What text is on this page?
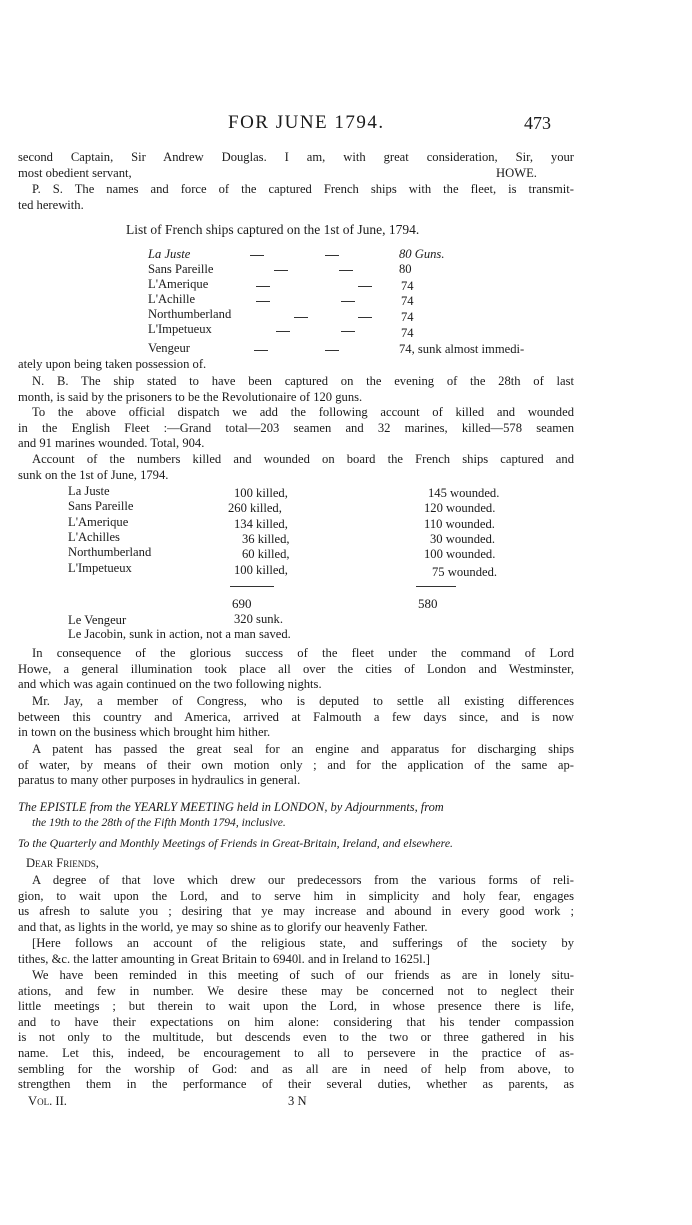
FOR JUNE 1794.	473
second Captain, Sir Andrew Douglas. I am, with great consideration, Sir, your
most obedient servant,	HOWE.
P. S. The names and force of the captured French ships with the fleet, is transmit-
ted herewith.
List of French ships captured on the 1st of June, 1794.
La Juste	80 Guns.
Sans Pareille	80
L'Amerique	74
L'Achille	74
Northumberland	74
L'Impetueux	74
Vengeur	74, sunk almost immedi-
ately upon being taken possession of.
N. B. The ship stated to have been captured on the evening of the 28th of last
month, is said by the prisoners to be the Revolutionaire of 120 guns.
To the above official dispatch we add the following account of killed and wounded
in the English Fleet :—Grand total—203 seamen and 32 marines, killed—578 seamen
and 91 marines wounded. Total, 904.
Account of the numbers killed and wounded on board the French ships captured and
sunk on the 1st of June, 1794.
La Juste	100 killed,	145 wounded.
Sans Pareille	260 killed,	120 wounded.
L'Amerique	134 killed,	110 wounded.
L'Achilles	36 killed,	30 wounded.
Northumberland	60 killed,	100 wounded.
L'Impetueux	100 killed,	75 wounded.
690	580
Le Vengeur	320 sunk.
Le Jacobin, sunk in action, not a man saved.
In consequence of the glorious success of the fleet under the command of Lord
Howe, a general illumination took place all over the cities of London and Westminster,
and which was again continued on the two following nights.
Mr. Jay, a member of Congress, who is deputed to settle all existing differences
between this country and America, arrived at Falmouth a few days since, and is now
in town on the business which brought him hither.
A patent has passed the great seal for an engine and apparatus for discharging ships
of water, by means of their own motion only ; and for the application of the same ap-
paratus to many other purposes in hydraulics in general.
The EPISTLE from the YEARLY MEETING held in LONDON, by Adjournments, from
the 19th to the 28th of the Fifth Month 1794, inclusive.
To the Quarterly and Monthly Meetings of Friends in Great-Britain, Ireland, and elsewhere.
Dear Friends,
A degree of that love which drew our predecessors from the various forms of reli-
gion, to wait upon the Lord, and to serve him in simplicity and holy fear, engages
us afresh to salute you ; desiring that ye may increase and abound in every good work ;
and that, as lights in the world, ye may so shine as to glorify our heavenly Father.
[Here follows an account of the religious state, and sufferings of the society by
tithes, &c. the latter amounting in Great Britain to 6940l. and in Ireland to 1625l.]
We have been reminded in this meeting of such of our friends as are in lonely situ-
ations, and few in number. We desire these may be concerned not to neglect their
little meetings ; but therein to wait upon the Lord, in whose presence there is life,
and to have their expectations on him alone: considering that his tender compassion
is not only to the multitude, but descends even to the two or three gathered in his
name. Let this, indeed, be encouragement to all to persevere in the practice of as-
sembling for the worship of God: and as all are in need of help from above, to
strengthen them in the performance of their several duties, whether as parents, as
Vol. II.	3 N
